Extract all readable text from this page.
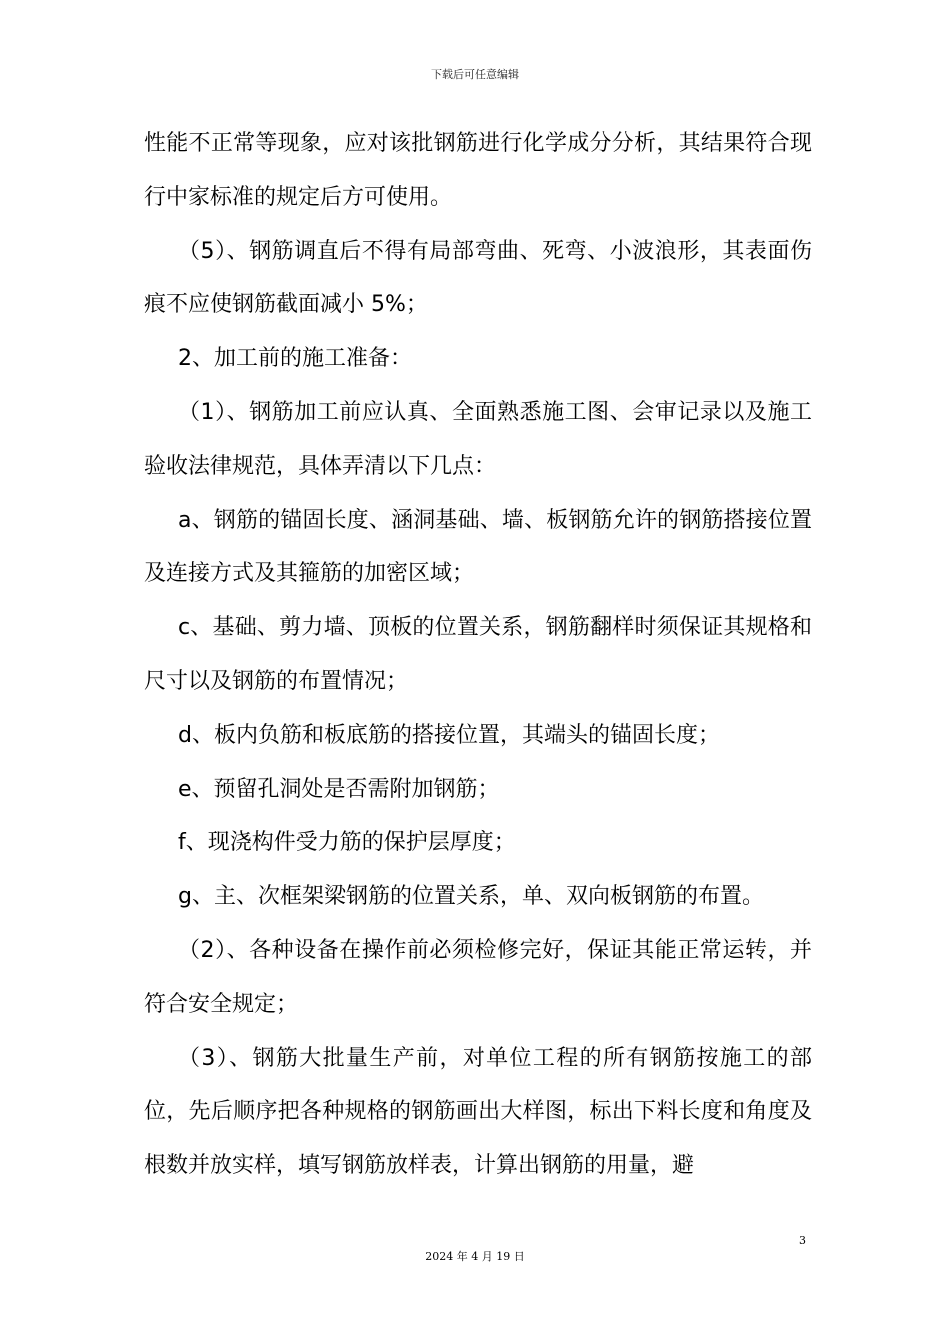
下载后可任意编辑

性能不正常等现象，应对该批钢筋进行化学成分分析，其结果符合现行中家标准的规定后方可使用。

（5）、钢筋调直后不得有局部弯曲、死弯、小波浪形，其表面伤痕不应使钢筋截面减小 5%；

2、加工前的施工准备：

（1）、钢筋加工前应认真、全面熟悉施工图、会审记录以及施工验收法律规范，具体弄清以下几点：

a、钢筋的锚固长度、涵洞基础、墙、板钢筋允许的钢筋搭接位置及连接方式及其箍筋的加密区域；

c、基础、剪力墙、顶板的位置关系，钢筋翻样时须保证其规格和尺寸以及钢筋的布置情况；

d、板内负筋和板底筋的搭接位置，其端头的锚固长度；

e、预留孔洞处是否需附加钢筋；

f、现浇构件受力筋的保护层厚度；

g、主、次框架梁钢筋的位置关系，单、双向板钢筋的布置。

（2）、各种设备在操作前必须检修完好，保证其能正常运转，并符合安全规定；

（3）、钢筋大批量生产前，对单位工程的所有钢筋按施工的部位，先后顺序把各种规格的钢筋画出大样图，标出下料长度和角度及根数并放实样，填写钢筋放样表，计算出钢筋的用量，避

3
2024 年 4 月 19 日
